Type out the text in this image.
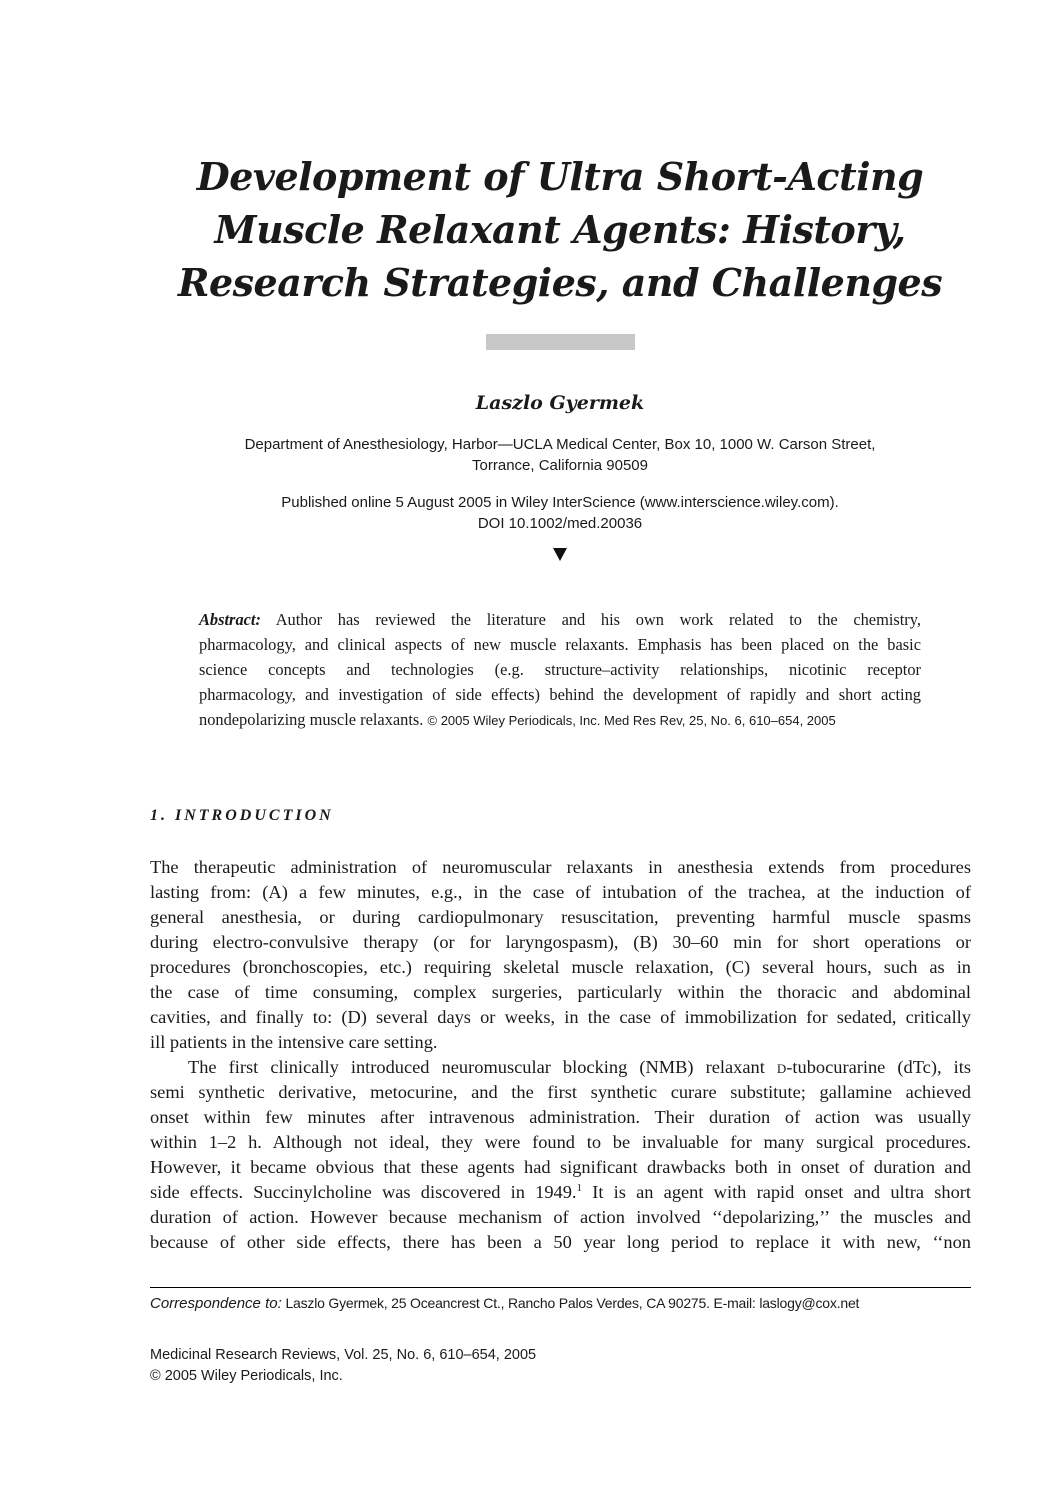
Development of Ultra Short-Acting
Muscle Relaxant Agents: History,
Research Strategies, and Challenges
Laszlo Gyermek
Department of Anesthesiology, Harbor—UCLA Medical Center, Box 10, 1000 W. Carson Street,
Torrance, California 90509
Published online 5 August 2005 in Wiley InterScience (www.interscience.wiley.com).
DOI 10.1002/med.20036
Abstract: Author has reviewed the literature and his own work related to the chemistry,
pharmacology, and clinical aspects of new muscle relaxants. Emphasis has been placed on the basic
science concepts and technologies (e.g. structure–activity relationships, nicotinic receptor
pharmacology, and investigation of side effects) behind the development of rapidly and short acting
nondepolarizing muscle relaxants. © 2005 Wiley Periodicals, Inc. Med Res Rev, 25, No. 6, 610–654, 2005
1. INTRODUCTION
The therapeutic administration of neuromuscular relaxants in anesthesia extends from procedures
lasting from: (A) a few minutes, e.g., in the case of intubation of the trachea, at the induction of
general anesthesia, or during cardiopulmonary resuscitation, preventing harmful muscle spasms
during electro-convulsive therapy (or for laryngospasm), (B) 30–60 min for short operations or
procedures (bronchoscopies, etc.) requiring skeletal muscle relaxation, (C) several hours, such as in
the case of time consuming, complex surgeries, particularly within the thoracic and abdominal
cavities, and finally to: (D) several days or weeks, in the case of immobilization for sedated, critically
ill patients in the intensive care setting.
The first clinically introduced neuromuscular blocking (NMB) relaxant D-tubocurarine (dTc), its
semi synthetic derivative, metocurine, and the first synthetic curare substitute; gallamine achieved
onset within few minutes after intravenous administration. Their duration of action was usually
within 1–2 h. Although not ideal, they were found to be invaluable for many surgical procedures.
However, it became obvious that these agents had significant drawbacks both in onset of duration and
side effects. Succinylcholine was discovered in 1949.$^1$ It is an agent with rapid onset and ultra short
duration of action. However because mechanism of action involved ‘‘depolarizing,’’ the muscles and
because of other side effects, there has been a 50 year long period to replace it with new, ‘‘non
Correspondence to: Laszlo Gyermek, 25 Oceancrest Ct., Rancho Palos Verdes, CA 90275. E-mail: laslogy@cox.net
Medicinal Research Reviews, Vol. 25, No. 6, 610–654, 2005
© 2005 Wiley Periodicals, Inc.
